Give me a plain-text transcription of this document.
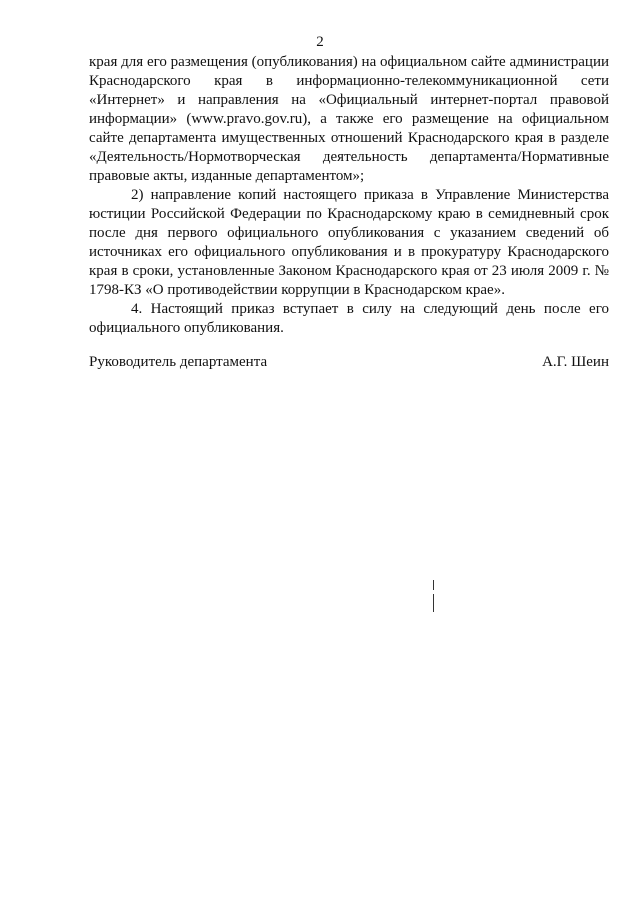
2

края для его размещения (опубликования) на официальном сайте администрации Краснодарского края в информационно-телекоммуникационной сети «Интернет» и направления на «Официальный интернет-портал правовой информации» (www.pravo.gov.ru), а также его размещение на официальном сайте департамента имущественных отношений Краснодарского края в разделе «Деятельность/Нормотворческая деятельность департамента/Нормативные правовые акты, изданные департаментом»;

2) направление копий настоящего приказа в Управление Министерства юстиции Российской Федерации по Краснодарскому краю в семидневный срок после дня первого официального опубликования с указанием сведений об источниках его официального опубликования и в прокуратуру Краснодарского края в сроки, установленные Законом Краснодарского края от 23 июля 2009 г. № 1798-КЗ «О противодействии коррупции в Краснодарском крае».

4. Настоящий приказ вступает в силу на следующий день после его официального опубликования.

Руководитель департамента	А.Г. Шеин
